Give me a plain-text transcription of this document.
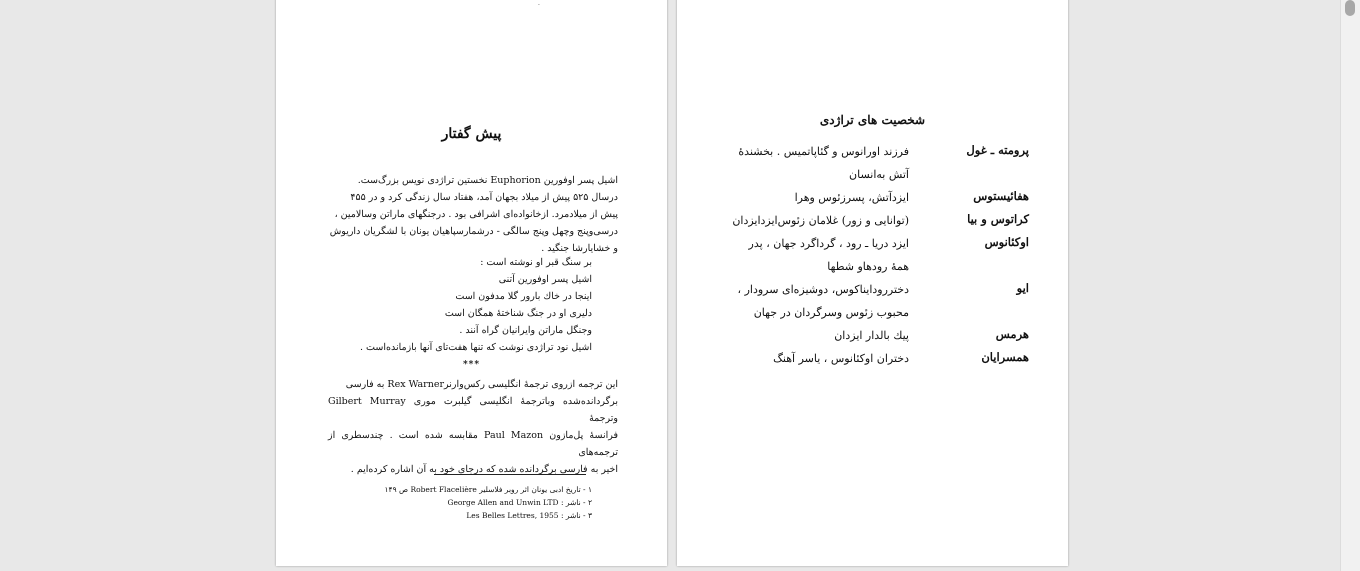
·
پیش گفتار
اشیل پسر اوفورین Euphorion نخستین تراژدی نویس بزرگ‌ست.
درسال ۵۲۵ پیش از میلاد بجهان آمد، هفتاد سال زندگی کرد و در ۴۵۵
پیش از میلادمرد. ازخانواده‌ای اشرافی بود . درجنگهای ماراتن وسالامین ،
درسی‌وپنج وچهل وپنج سالگی - درشمارسپاهیان یونان با لشگریان داریوش
و خشایارشا جنگید .
بر سنگ قبر او نوشته است :
اشیل پسر اوفورین آتنی
اینجا در خاك بارور گلا مدفون است
دلیری او در جنگ شناختهٔ همگان است
وجنگل ماراتن وایرانیان گراه آنند .
اشیل نود تراژدی نوشت که تنها هفت‌تای آنها بازمانده‌است .
***
این ترجمه ازروی ترجمهٔ انگلیسی رکس‌وارنرRex Warner به فارسی
برگردانده‌شده وباترجمهٔ انگلیسی گیلبرت موری Gilbert Murray وترجمهٔ
فرانسهٔ پل‌مازون Paul Mazon مقابسه شده است . چندسطری از ترجمه‌های
اخیر به فارسی برگردانده شده که درجای خود به آن اشاره کرده‌ایم .
۱ - تاریخ ادبی یونان اثر روبر فلاسلیر Robert Flacelière ص ۱۴۹
۲ - ناشر : George Allen and Unwin LTD
۳ - ناشر : Les Belles Lettres, 1955
شخصیت های تراژدی
پرومته ـ غول
فرزند اورانوس و گئاپاتمیس . بخشندهٔ
آتش به‌انسان
هفائیستوس
ایزدآتش، پسرزئوس وهرا
کراتوس و بیا
(توانایی و زور) غلامان زئوس‌ایزدایزدان
اوکئانوس
ایزد دریا ـ رود ، گرداگرد جهان ، پدر
همهٔ رودهاو شطها
ایو
دختررودایناکوس، دوشیزه‌ای سرودار ،
محبوب زئوس وسرگردان در جهان
هرمس
پیك بالدار ایزدان
همسرایان
دختران اوکئانوس ، یاسر آهنگ
